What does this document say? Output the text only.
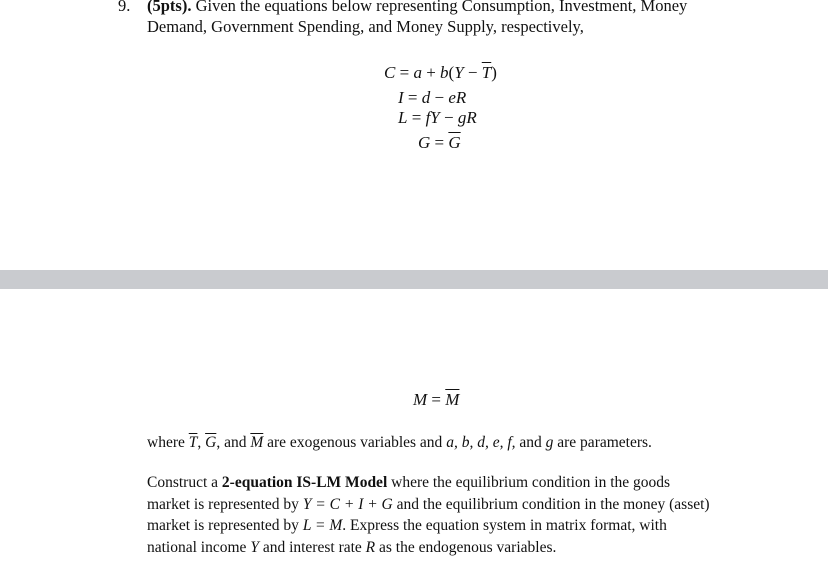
9. (5pts). Given the equations below representing Consumption, Investment, Money
Demand, Government Spending, and Money Supply, respectively,
$C = a + b(Y - \overline{T})$
I = d − eR
L = fY − gR
$G = \overline{G}$
$M = \overline{M}$
where $\overline{T}$, $\overline{G}$, and $\overline{M}$ are exogenous variables and a, b, d, e, f, and g are parameters.
Construct a 2-equation IS-LM Model where the equilibrium condition in the goods
market is represented by Y = C + I + G and the equilibrium condition in the money (asset)
market is represented by L = M. Express the equation system in matrix format, with
national income Y and interest rate R as the endogenous variables.
